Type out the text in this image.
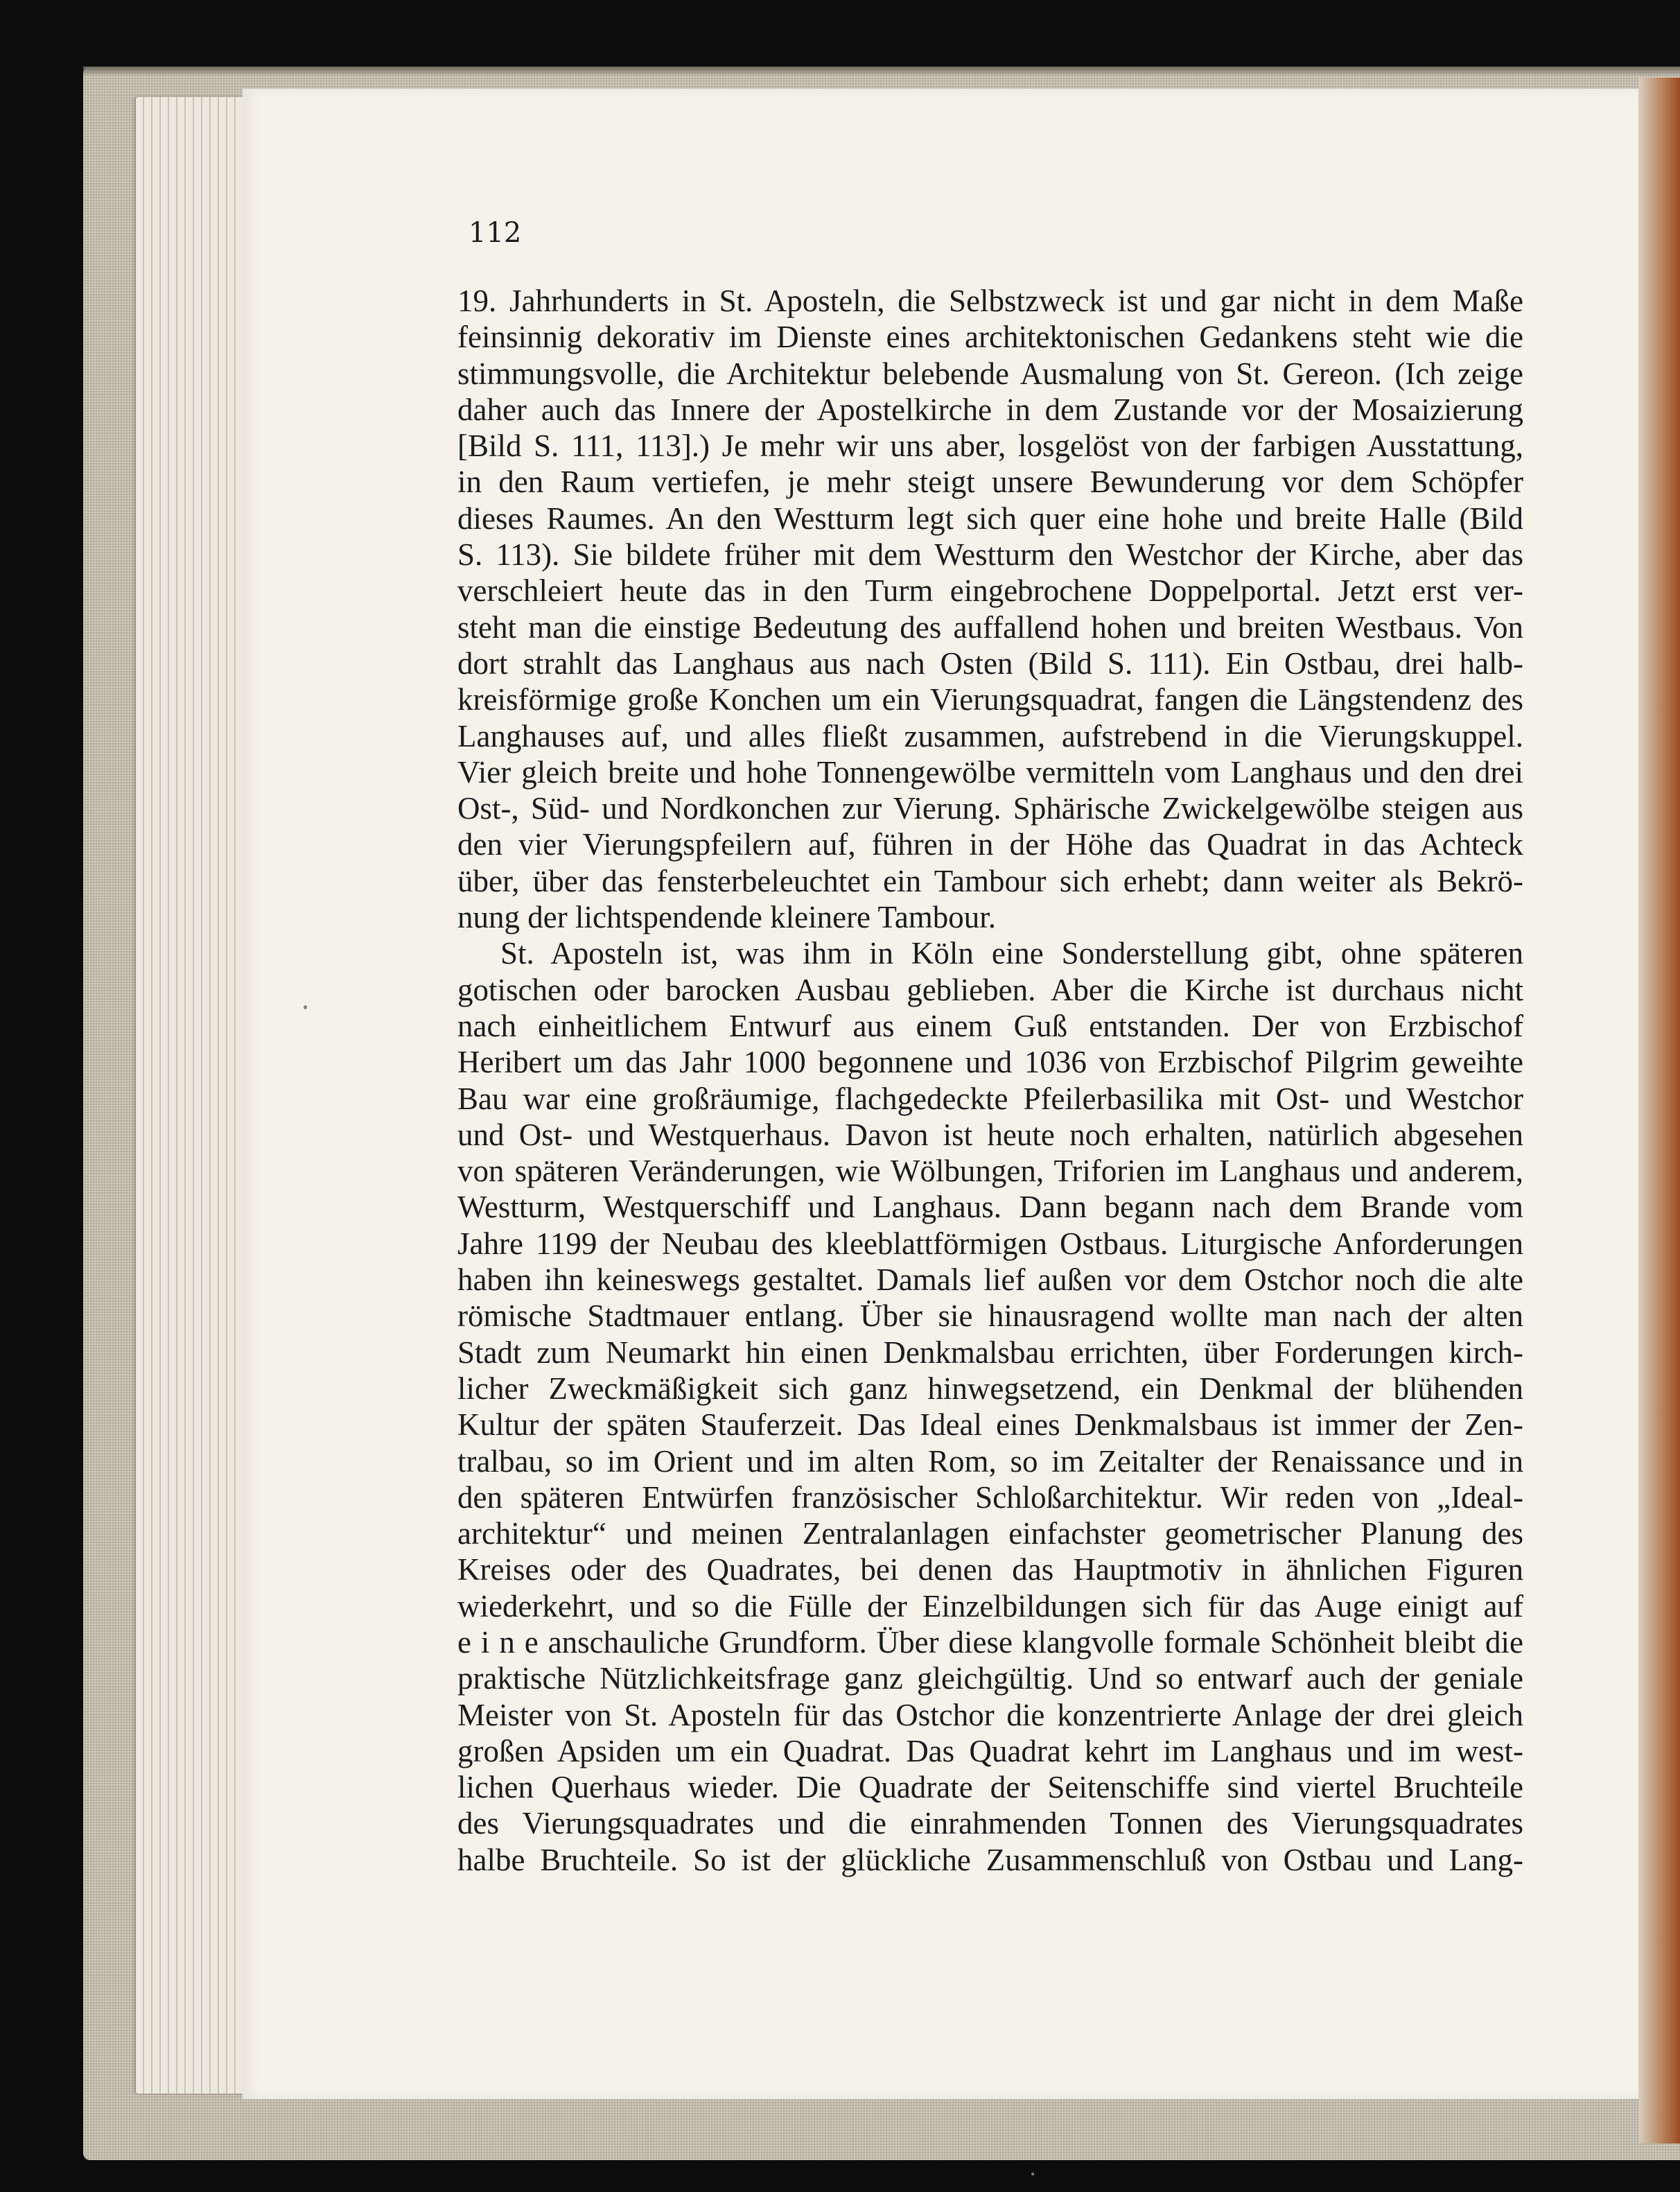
112

19. Jahrhunderts in St. Aposteln, die Selbstzweck ist und gar nicht in dem Maße
feinsinnig dekorativ im Dienste eines architektonischen Gedankens steht wie die
stimmungsvolle, die Architektur belebende Ausmalung von St. Gereon. (Ich zeige
daher auch das Innere der Apostelkirche in dem Zustande vor der Mosaizierung
[Bild S. 111, 113].) Je mehr wir uns aber, losgelöst von der farbigen Ausstattung,
in den Raum vertiefen, je mehr steigt unsere Bewunderung vor dem Schöpfer
dieses Raumes. An den Westturm legt sich quer eine hohe und breite Halle (Bild
S. 113). Sie bildete früher mit dem Westturm den Westchor der Kirche, aber das
verschleiert heute das in den Turm eingebrochene Doppelportal. Jetzt erst ver-
steht man die einstige Bedeutung des auffallend hohen und breiten Westbaus. Von
dort strahlt das Langhaus aus nach Osten (Bild S. 111). Ein Ostbau, drei halb-
kreisförmige große Konchen um ein Vierungsquadrat, fangen die Längstendenz des
Langhauses auf, und alles fließt zusammen, aufstrebend in die Vierungskuppel.
Vier gleich breite und hohe Tonnengewölbe vermitteln vom Langhaus und den drei
Ost-, Süd- und Nordkonchen zur Vierung. Sphärische Zwickelgewölbe steigen aus
den vier Vierungspfeilern auf, führen in der Höhe das Quadrat in das Achteck
über, über das fensterbeleuchtet ein Tambour sich erhebt; dann weiter als Bekrö-
nung der lichtspendende kleinere Tambour.
St. Aposteln ist, was ihm in Köln eine Sonderstellung gibt, ohne späteren
gotischen oder barocken Ausbau geblieben. Aber die Kirche ist durchaus nicht
nach einheitlichem Entwurf aus einem Guß entstanden. Der von Erzbischof
Heribert um das Jahr 1000 begonnene und 1036 von Erzbischof Pilgrim geweihte
Bau war eine großräumige, flachgedeckte Pfeilerbasilika mit Ost- und Westchor
und Ost- und Westquerhaus. Davon ist heute noch erhalten, natürlich abgesehen
von späteren Veränderungen, wie Wölbungen, Triforien im Langhaus und anderem,
Westturm, Westquerschiff und Langhaus. Dann begann nach dem Brande vom
Jahre 1199 der Neubau des kleeblattförmigen Ostbaus. Liturgische Anforderungen
haben ihn keineswegs gestaltet. Damals lief außen vor dem Ostchor noch die alte
römische Stadtmauer entlang. Über sie hinausragend wollte man nach der alten
Stadt zum Neumarkt hin einen Denkmalsbau errichten, über Forderungen kirch-
licher Zweckmäßigkeit sich ganz hinwegsetzend, ein Denkmal der blühenden
Kultur der späten Stauferzeit. Das Ideal eines Denkmalsbaus ist immer der Zen-
tralbau, so im Orient und im alten Rom, so im Zeitalter der Renaissance und in
den späteren Entwürfen französischer Schloßarchitektur. Wir reden von „Ideal-
architektur“ und meinen Zentralanlagen einfachster geometrischer Planung des
Kreises oder des Quadrates, bei denen das Hauptmotiv in ähnlichen Figuren
wiederkehrt, und so die Fülle der Einzelbildungen sich für das Auge einigt auf
e i n e anschauliche Grundform. Über diese klangvolle formale Schönheit bleibt die
praktische Nützlichkeitsfrage ganz gleichgültig. Und so entwarf auch der geniale
Meister von St. Aposteln für das Ostchor die konzentrierte Anlage der drei gleich
großen Apsiden um ein Quadrat. Das Quadrat kehrt im Langhaus und im west-
lichen Querhaus wieder. Die Quadrate der Seitenschiffe sind viertel Bruchteile
des Vierungsquadrates und die einrahmenden Tonnen des Vierungsquadrates
halbe Bruchteile. So ist der glückliche Zusammenschluß von Ostbau und Lang-
